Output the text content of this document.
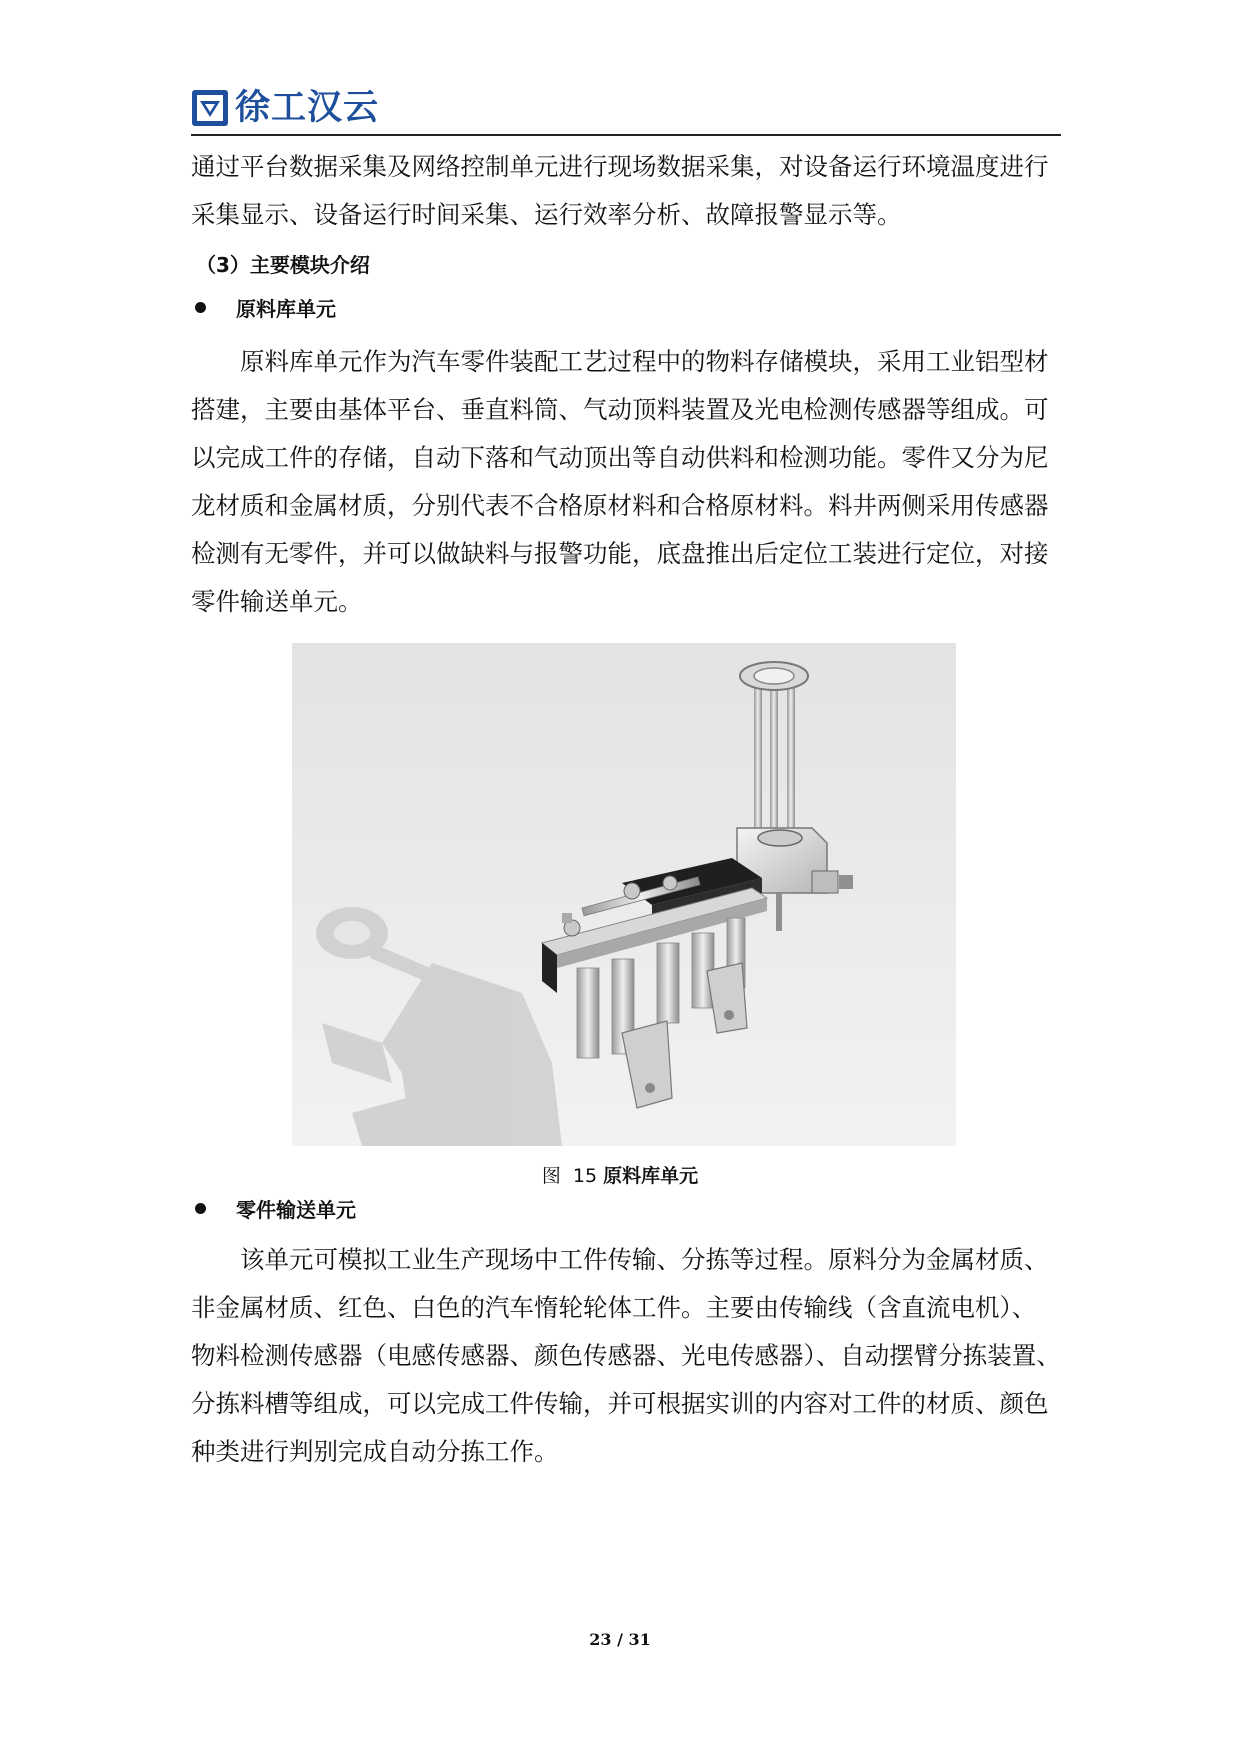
徐工汉云

通过平台数据采集及网络控制单元进行现场数据采集，对设备运行环境温度进行

采集显示、设备运行时间采集、运行效率分析、故障报警显示等。

（3）主要模块介绍
原料库单元

原料库单元作为汽车零件装配工艺过程中的物料存储模块，采用工业铝型材

搭建，主要由基体平台、垂直料筒、气动顶料装置及光电检测传感器等组成。可

以完成工件的存储，自动下落和气动顶出等自动供料和检测功能。零件又分为尼

龙材质和金属材质，分别代表不合格原材料和合格原材料。料井两侧采用传感器

检测有无零件，并可以做缺料与报警功能，底盘推出后定位工装进行定位，对接

零件输送单元。

图 15 原料库单元
零件输送单元

该单元可模拟工业生产现场中工件传输、分拣等过程。原料分为金属材质、

非金属材质、红色、白色的汽车惰轮轮体工件。主要由传输线（含直流电机）、

物料检测传感器（电感传感器、颜色传感器、光电传感器）、自动摆臂分拣装置、

分拣料槽等组成，可以完成工件传输，并可根据实训的内容对工件的材质、颜色

种类进行判别完成自动分拣工作。

23 / 31
